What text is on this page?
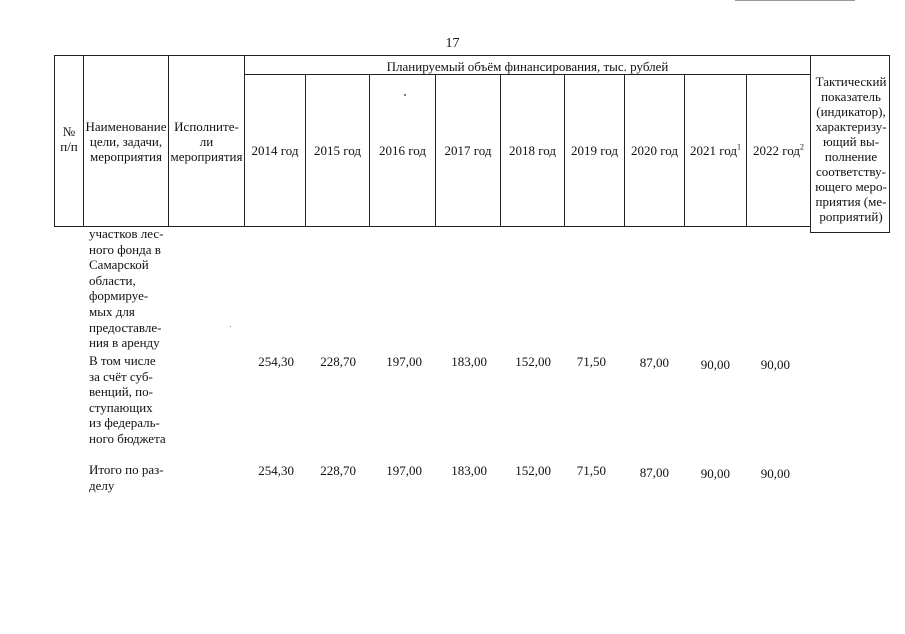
17
№
п/п
Наименование
цели, задачи,
мероприятия
Исполните-
ли
мероприятия
Планируемый объём финансирования, тыс. рублей
Тактический
показатель
(индикатор),
характеризу-
ющий вы-
полнение
соответству-
ющего меро-
приятия (ме-
роприятий)
2014 год	2015 год	2016 год	2017 год	2018 год	2019 год	2020 год 2021 год$^1$ 2022 год$^2$
участков лес-
ного фонда в
Самарской
области,
формируе-
мых для
предоставле-
ния в аренду
В том числе
за счёт суб-
венций, по-
ступающих
из федераль-
ного бюджета
254,30	228,70	197,00	183,00	152,00	71,50	87,00	90,00	90,00
Итого по раз-
делу
254,30	228,70	197,00	183,00	152,00	71,50	87,00	90,00	90,00
